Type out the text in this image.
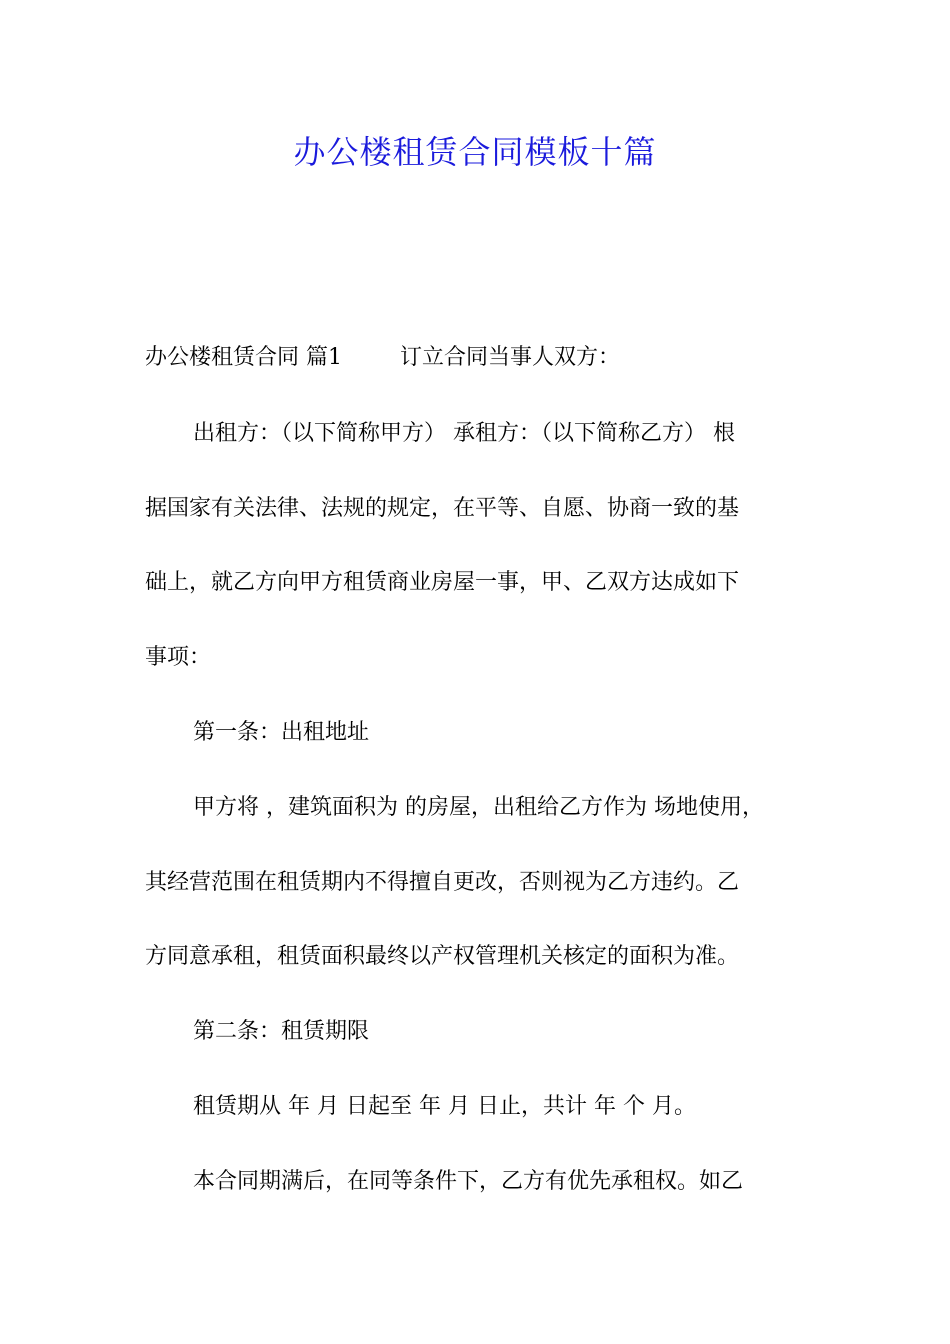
办公楼租赁合同模板十篇
办公楼租赁合同 篇1	订立合同当事人双方：
出租方：（以下简称甲方） 承租方：（以下简称乙方） 根
据国家有关法律、法规的规定，在平等、自愿、协商一致的基
础上，就乙方向甲方租赁商业房屋一事，甲、乙双方达成如下
事项：
第一条：出租地址
甲方将 ，建筑面积为 的房屋，出租给乙方作为 场地使用，
其经营范围在租赁期内不得擅自更改，否则视为乙方违约。乙
方同意承租，租赁面积最终以产权管理机关核定的面积为准。
第二条：租赁期限
租赁期从 年 月 日起至 年 月 日止，共计 年 个 月。
本合同期满后，在同等条件下，乙方有优先承租权。如乙
